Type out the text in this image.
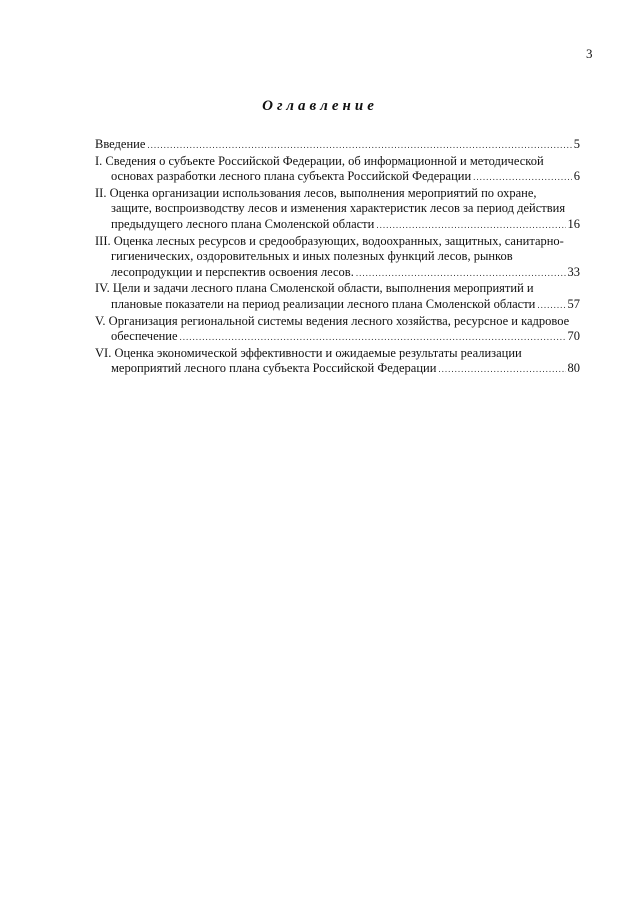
3
Оглавление
Введение .....	5
I. Сведения о субъекте Российской Федерации, об информационной и методической
основах разработки лесного плана субъекта Российской Федерации .....	6
II. Оценка организации использования лесов, выполнения мероприятий по охране,
защите, воспроизводству лесов и изменения характеристик лесов за период действия
предыдущего лесного плана Смоленской области .....	16
III. Оценка лесных ресурсов и средообразующих, водоохранных, защитных, санитарно-
гигиенических, оздоровительных и иных полезных функций лесов, рынков
лесопродукции и перспектив освоения лесов. .....	33
IV. Цели и задачи лесного плана Смоленской области, выполнения мероприятий и
плановые показатели на период реализации лесного плана Смоленской области .....	57
V. Организация региональной системы ведения лесного хозяйства, ресурсное и кадровое
обеспечение .....	70
VI. Оценка экономической эффективности и ожидаемые результаты реализации
мероприятий лесного плана субъекта Российской Федерации .....	80
